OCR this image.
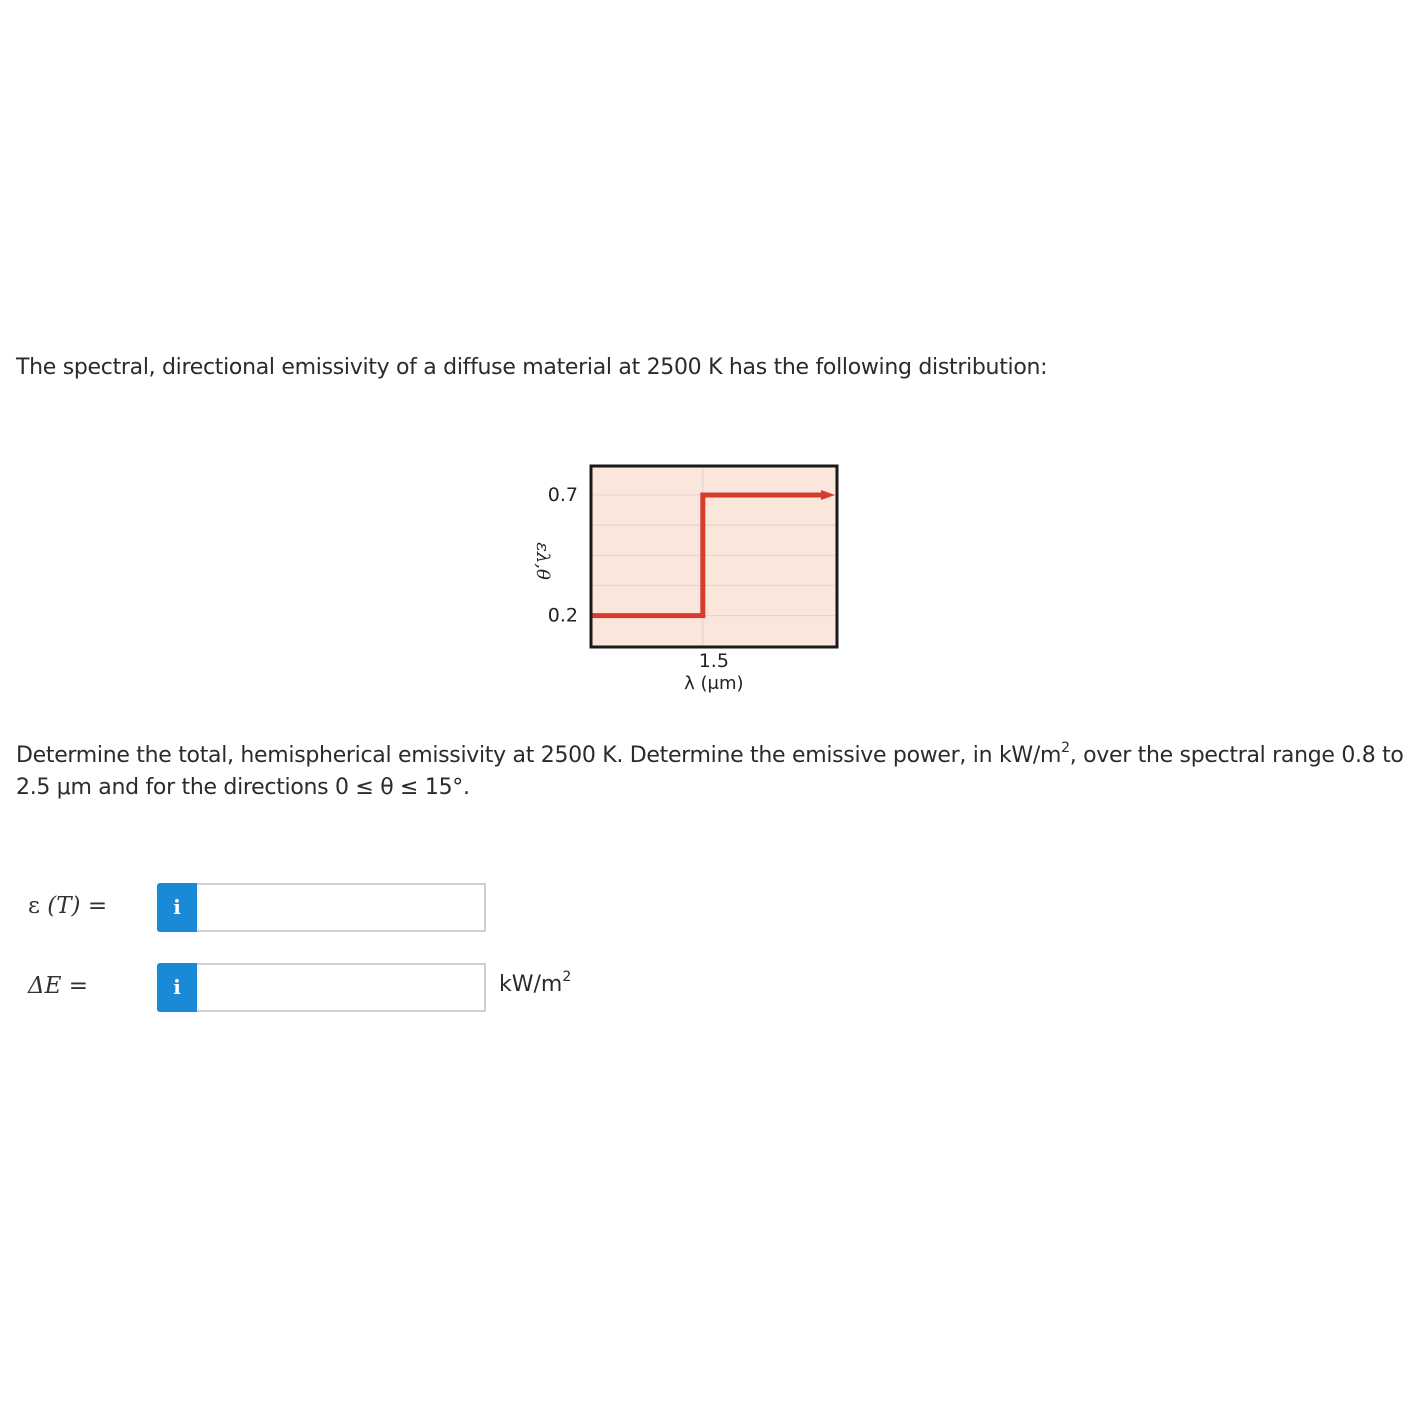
The spectral, directional emissivity of a diffuse material at 2500 K has the following distribution:
0.7
0.2
1.5
ελ,θ
λ (μm)
Determine the total, hemispherical emissivity at 2500 K. Determine the emissive power, in $kW/m^2$, over the spectral range 0.8 to 2.5 μm and for the directions 0 ≤ θ ≤ 15°.
ε (T) =	i
ΔE =	i	$kW/m^2$
